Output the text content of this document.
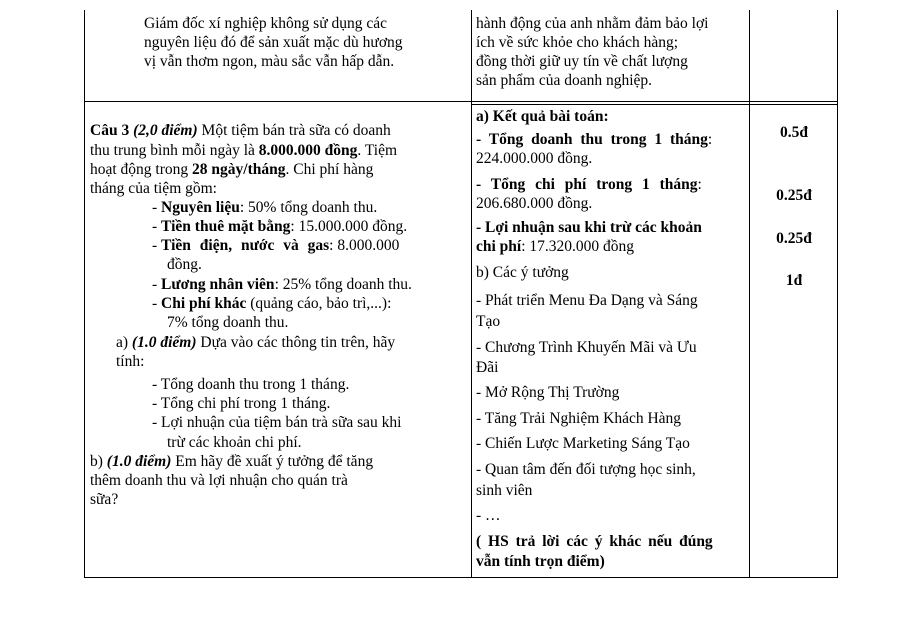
Giám đốc xí nghiệp không sử dụng các
nguyên liệu đó để sản xuất mặc dù hương
vị vẫn thơm ngon, màu sắc vẫn hấp dẫn.
hành động của anh nhằm đảm bảo lợi
ích về sức khỏe cho khách hàng;
đồng thời giữ uy tín về chất lượng
sản phẩm của doanh nghiệp.
Câu 3 (2,0 điểm) Một tiệm bán trà sữa có doanh
thu trung bình mỗi ngày là 8.000.000 đồng. Tiệm
hoạt động trong 28 ngày/tháng. Chi phí hàng
tháng của tiệm gồm:
- Nguyên liệu: 50% tổng doanh thu.
- Tiền thuê mặt bằng: 15.000.000 đồng.
- Tiền điện, nước và gas: 8.000.000
đồng.
- Lương nhân viên: 25% tổng doanh thu.
- Chi phí khác (quảng cáo, bảo trì,...):
7% tổng doanh thu.
a) (1.0 điểm) Dựa vào các thông tin trên, hãy
tính:
- Tổng doanh thu trong 1 tháng.
- Tổng chi phí trong 1 tháng.
- Lợi nhuận của tiệm bán trà sữa sau khi
trừ các khoản chi phí.
b) (1.0 điểm) Em hãy đề xuất ý tưởng để tăng
thêm doanh thu và lợi nhuận cho quán trà
sữa?
a) Kết quả bài toán:
- Tổng doanh thu trong 1 tháng:
224.000.000 đồng.
- Tổng chi phí trong 1 tháng:
206.680.000 đồng.
- Lợi nhuận sau khi trừ các khoản
chi phí: 17.320.000 đồng
b) Các ý tưởng
- Phát triển Menu Đa Dạng và Sáng
Tạo
- Chương Trình Khuyến Mãi và Ưu
Đãi
- Mở Rộng Thị Trường
- Tăng Trải Nghiệm Khách Hàng
- Chiến Lược Marketing Sáng Tạo
- Quan tâm đến đối tượng học sinh,
sinh viên
- …
( HS trả lời các ý khác nếu đúng
vẫn tính trọn điểm)
0.5đ
0.25đ
0.25đ
1đ
